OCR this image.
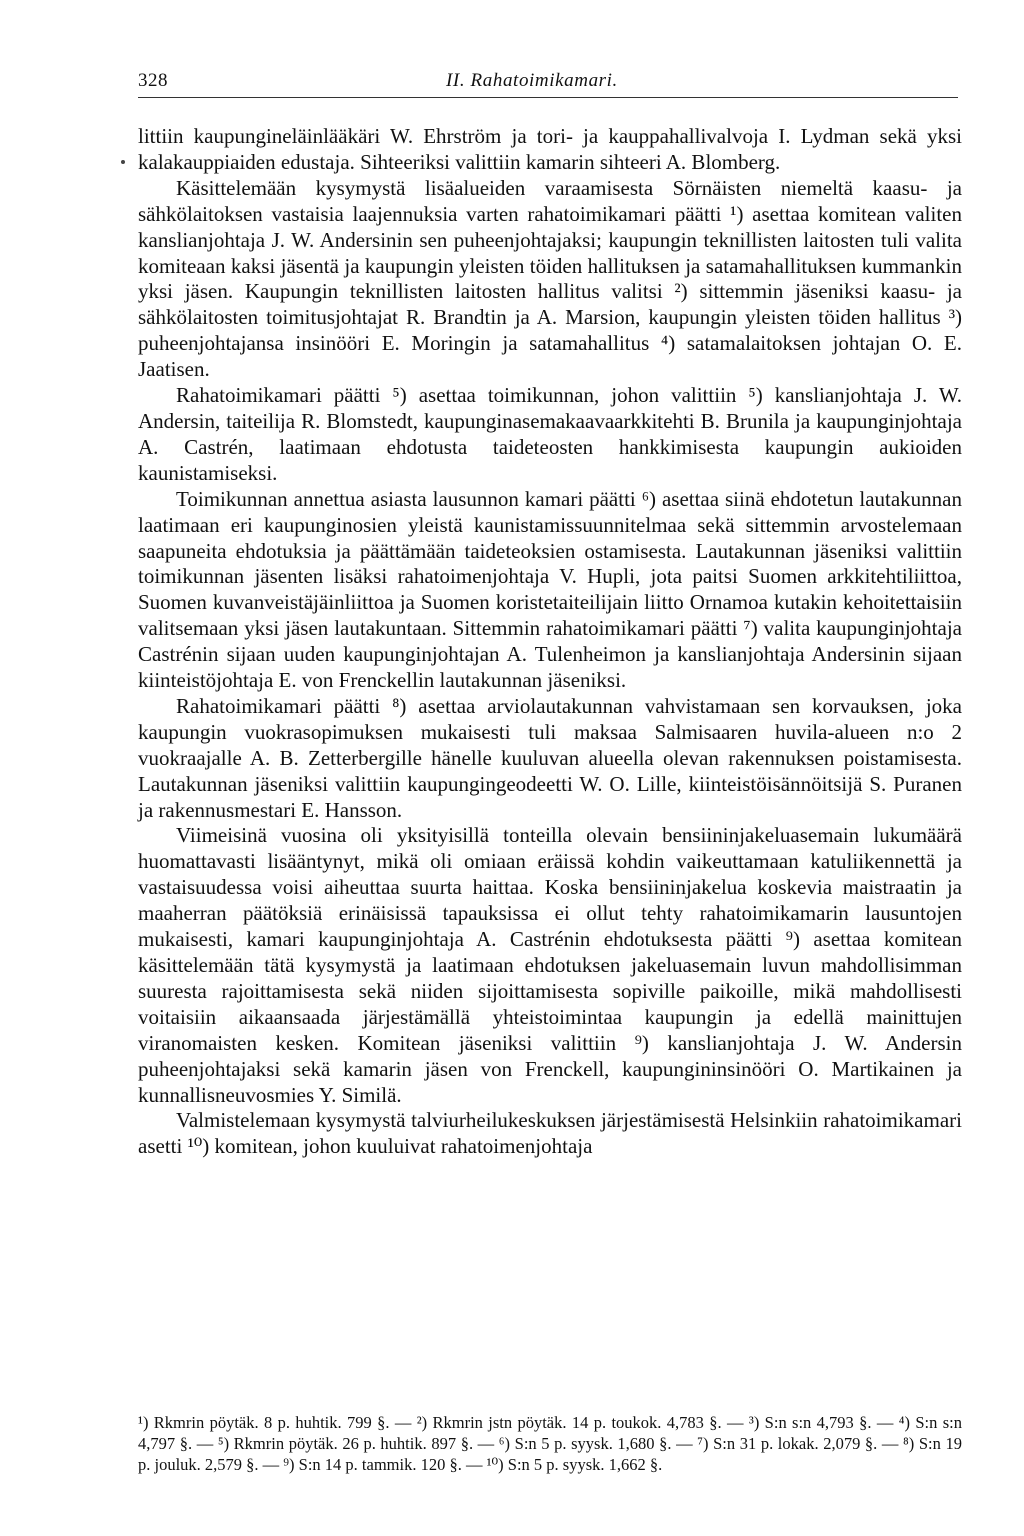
328	II. Rahatoimikamari.

littiin kaupungineläinlääkäri W. Ehrström ja tori- ja kauppahallivalvoja I. Lydman sekä yksi kalakauppiaiden edustaja. Sihteeriksi valittiin kamarin sihteeri A. Blomberg.

Käsittelemään kysymystä lisäalueiden varaamisesta Sörnäisten niemeltä kaasu- ja sähkölaitoksen vastaisia laajennuksia varten rahatoimikamari päätti ¹) asettaa komitean valiten kanslianjohtaja J. W. Andersinin sen puheenjohtajaksi; kaupungin teknillisten laitosten tuli valita komiteaan kaksi jäsentä ja kaupungin yleisten töiden hallituksen ja satamahallituksen kummankin yksi jäsen. Kaupungin teknillisten laitosten hallitus valitsi ²) sittemmin jäseniksi kaasu- ja sähkölaitosten toimitusjohtajat R. Brandtin ja A. Marsion, kaupungin yleisten töiden hallitus ³) puheenjohtajansa insinööri E. Moringin ja satamahallitus ⁴) satamalaitoksen johtajan O. E. Jaatisen.

Rahatoimikamari päätti ⁵) asettaa toimikunnan, johon valittiin ⁵) kanslianjohtaja J. W. Andersin, taiteilija R. Blomstedt, kaupunginasemakaavaarkkitehti B. Brunila ja kaupunginjohtaja A. Castrén, laatimaan ehdotusta taideteosten hankkimisesta kaupungin aukioiden kaunistamiseksi.

Toimikunnan annettua asiasta lausunnon kamari päätti ⁶) asettaa siinä ehdotetun lautakunnan laatimaan eri kaupunginosien yleistä kaunistamissuunnitelmaa sekä sittemmin arvostelemaan saapuneita ehdotuksia ja päättämään taideteoksien ostamisesta. Lautakunnan jäseniksi valittiin toimikunnan jäsenten lisäksi rahatoimenjohtaja V. Hupli, jota paitsi Suomen arkkitehtiliittoa, Suomen kuvanveistäjäinliittoa ja Suomen koristetaiteilijain liitto Ornamoa kutakin kehoitettaisiin valitsemaan yksi jäsen lautakuntaan. Sittemmin rahatoimikamari päätti ⁷) valita kaupunginjohtaja Castrénin sijaan uuden kaupunginjohtajan A. Tulenheimon ja kanslianjohtaja Andersinin sijaan kiinteistöjohtaja E. von Frenckellin lautakunnan jäseniksi.

Rahatoimikamari päätti ⁸) asettaa arviolautakunnan vahvistamaan sen korvauksen, joka kaupungin vuokrasopimuksen mukaisesti tuli maksaa Salmisaaren huvila-alueen n:o 2 vuokraajalle A. B. Zetterbergille hänelle kuuluvan alueella olevan rakennuksen poistamisesta. Lautakunnan jäseniksi valittiin kaupungingeodeetti W. O. Lille, kiinteistöisännöitsijä S. Puranen ja rakennusmestari E. Hansson.

Viimeisinä vuosina oli yksityisillä tonteilla olevain bensiininjakeluasemain lukumäärä huomattavasti lisääntynyt, mikä oli omiaan eräissä kohdin vaikeuttamaan katuliikennettä ja vastaisuudessa voisi aiheuttaa suurta haittaa. Koska bensiininjakelua koskevia maistraatin ja maaherran päätöksiä erinäisissä tapauksissa ei ollut tehty rahatoimikamarin lausuntojen mukaisesti, kamari kaupunginjohtaja A. Castrénin ehdotuksesta päätti ⁹) asettaa komitean käsittelemään tätä kysymystä ja laatimaan ehdotuksen jakeluasemain luvun mahdollisimman suuresta rajoittamisesta sekä niiden sijoittamisesta sopiville paikoille, mikä mahdollisesti voitaisiin aikaansaada järjestämällä yhteistoimintaa kaupungin ja edellä mainittujen viranomaisten kesken. Komitean jäseniksi valittiin ⁹) kanslianjohtaja J. W. Andersin puheenjohtajaksi sekä kamarin jäsen von Frenckell, kaupungininsinööri O. Martikainen ja kunnallisneuvosmies Y. Similä.

Valmistelemaan kysymystä talviurheilukeskuksen järjestämisestä Helsinkiin rahatoimikamari asetti ¹⁰) komitean, johon kuuluivat rahatoimenjohtaja

¹) Rkmrin pöytäk. 8 p. huhtik. 799 §. — ²) Rkmrin jstn pöytäk. 14 p. toukok. 4,783 §. — ³) S:n s:n 4,793 §. — ⁴) S:n s:n 4,797 §. — ⁵) Rkmrin pöytäk. 26 p. huhtik. 897 §. — ⁶) S:n 5 p. syysk. 1,680 §. — ⁷) S:n 31 p. lokak. 2,079 §. — ⁸) S:n 19 p. jouluk. 2,579 §. — ⁹) S:n 14 p. tammik. 120 §. — ¹⁰) S:n 5 p. syysk. 1,662 §.
